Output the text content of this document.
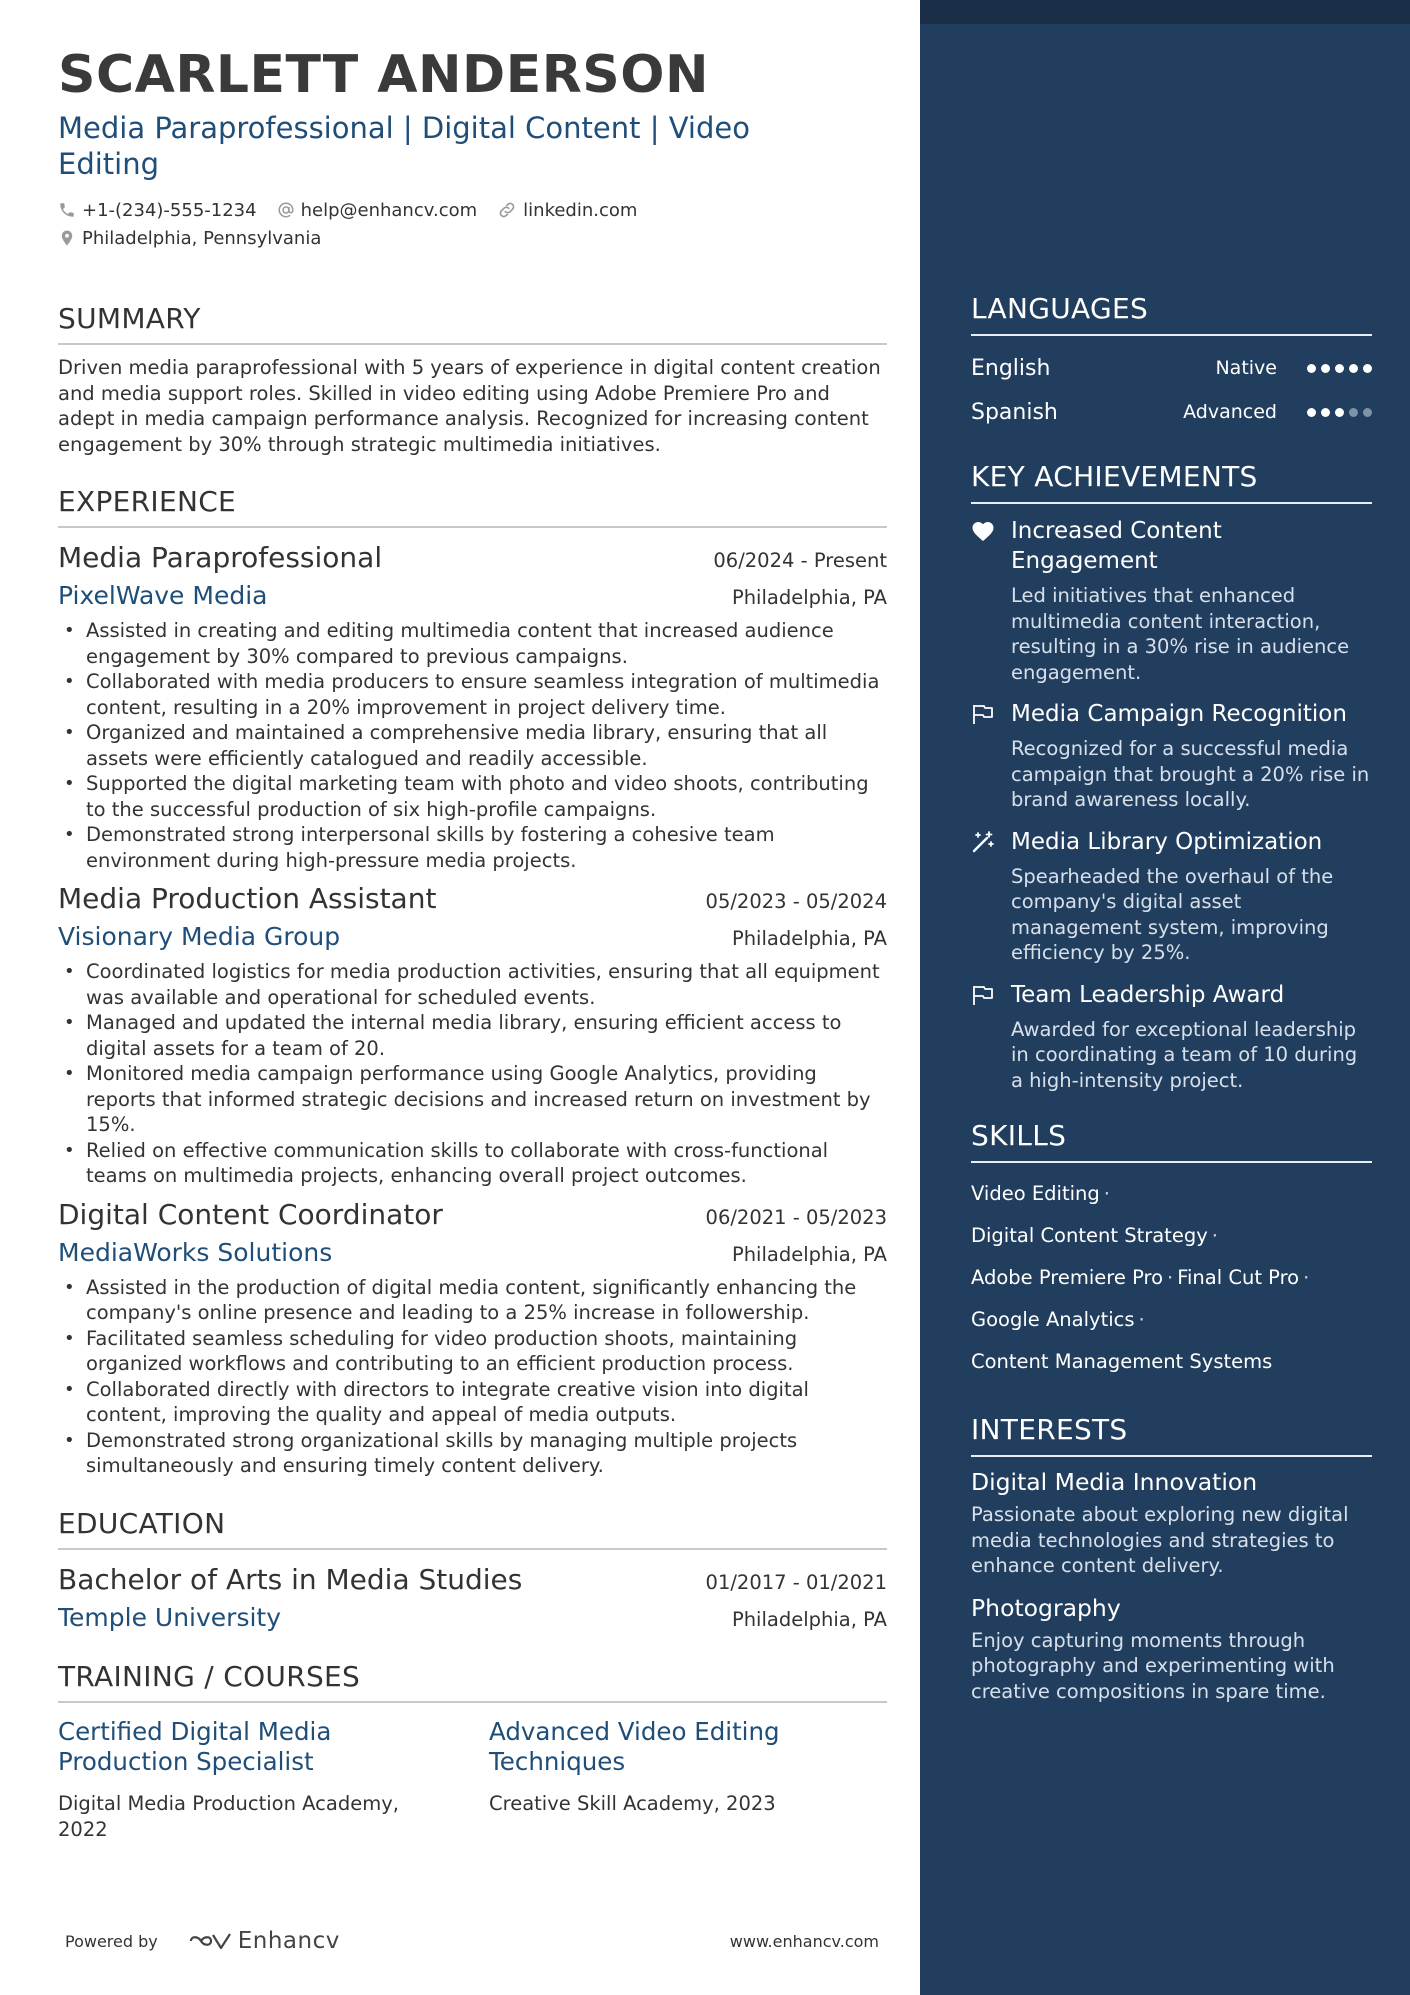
SCARLETT ANDERSON
Media Paraprofessional | Digital Content | Video Editing
+1-(234)-555-1234 help@enhancv.com	linkedin.com
Philadelphia, Pennsylvania
SUMMARY
Driven media paraprofessional with 5 years of experience in digital content creation and media support roles. Skilled in video editing using Adobe Premiere Pro and adept in media campaign performance analysis. Recognized for increasing content engagement by 30% through strategic multimedia initiatives.
EXPERIENCE
Media Paraprofessional	06/2024 - Present
PixelWave Media	Philadelphia, PA
• Assisted in creating and editing multimedia content that increased audience engagement by 30% compared to previous campaigns.
• Collaborated with media producers to ensure seamless integration of multimedia content, resulting in a 20% improvement in project delivery time.
• Organized and maintained a comprehensive media library, ensuring that all assets were efficiently catalogued and readily accessible.
• Supported the digital marketing team with photo and video shoots, contributing to the successful production of six high-profile campaigns.
• Demonstrated strong interpersonal skills by fostering a cohesive team environment during high-pressure media projects.
Media Production Assistant	05/2023 - 05/2024
Visionary Media Group	Philadelphia, PA
• Coordinated logistics for media production activities, ensuring that all equipment was available and operational for scheduled events.
• Managed and updated the internal media library, ensuring efficient access to digital assets for a team of 20.
• Monitored media campaign performance using Google Analytics, providing reports that informed strategic decisions and increased return on investment by 15%.
• Relied on effective communication skills to collaborate with cross-functional teams on multimedia projects, enhancing overall project outcomes.
Digital Content Coordinator	06/2021 - 05/2023
MediaWorks Solutions	Philadelphia, PA
• Assisted in the production of digital media content, significantly enhancing the company's online presence and leading to a 25% increase in followership.
• Facilitated seamless scheduling for video production shoots, maintaining organized workflows and contributing to an efficient production process.
• Collaborated directly with directors to integrate creative vision into digital content, improving the quality and appeal of media outputs.
• Demonstrated strong organizational skills by managing multiple projects simultaneously and ensuring timely content delivery.
EDUCATION
Bachelor of Arts in Media Studies	01/2017 - 01/2021
Temple University	Philadelphia, PA
TRAINING / COURSES
Certified Digital Media Production Specialist
Digital Media Production Academy, 2022
Advanced Video Editing Techniques
Creative Skill Academy, 2023
Powered by	Enhancv	www.enhancv.com
LANGUAGES
English	Native
Spanish	Advanced
KEY ACHIEVEMENTS
Increased Content Engagement
Led initiatives that enhanced multimedia content interaction, resulting in a 30% rise in audience engagement.
Media Campaign Recognition
Recognized for a successful media campaign that brought a 20% rise in brand awareness locally.
Media Library Optimization
Spearheaded the overhaul of the company's digital asset management system, improving efficiency by 25%.
Team Leadership Award
Awarded for exceptional leadership in coordinating a team of 10 during a high-intensity project.
SKILLS
Video Editing ·
Digital Content Strategy ·
Adobe Premiere Pro · Final Cut Pro ·
Google Analytics ·
Content Management Systems
INTERESTS
Digital Media Innovation
Passionate about exploring new digital media technologies and strategies to enhance content delivery.
Photography
Enjoy capturing moments through photography and experimenting with creative compositions in spare time.
